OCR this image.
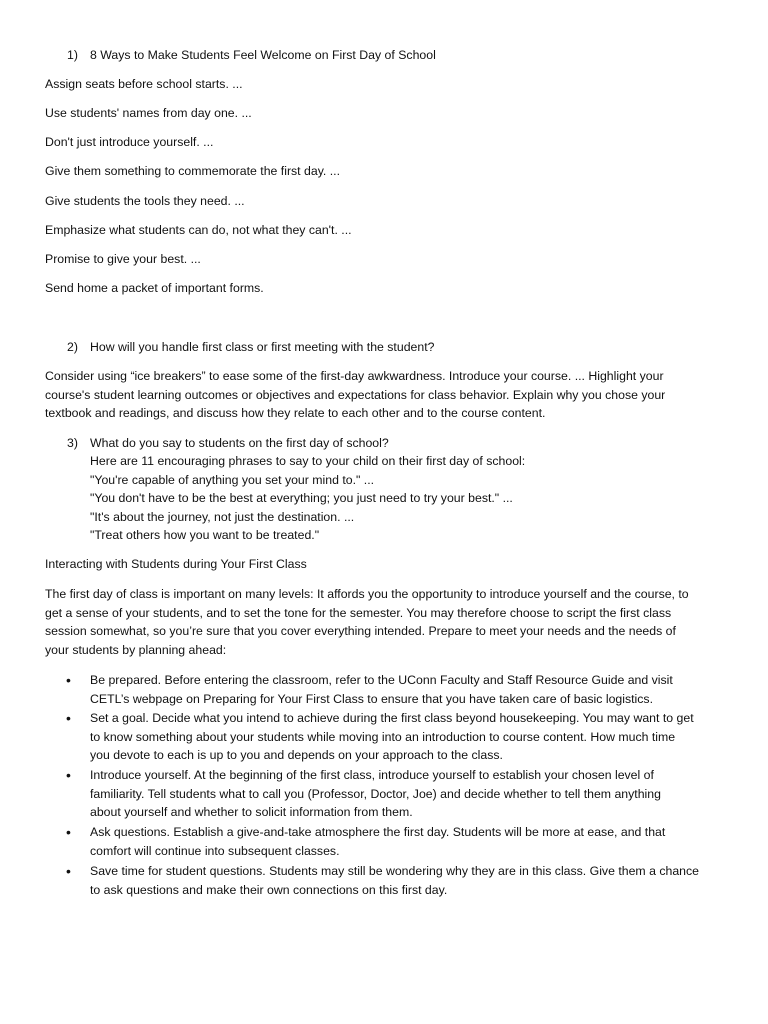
1) 8 Ways to Make Students Feel Welcome on First Day of School

Assign seats before school starts. ...

Use students' names from day one. ...

Don't just introduce yourself. ...

Give them something to commemorate the first day. ...

Give students the tools they need. ...

Emphasize what students can do, not what they can't. ...

Promise to give your best. ...

Send home a packet of important forms.

2) How will you handle first class or first meeting with the student?
Consider using “ice breakers” to ease some of the first-day awkwardness. Introduce your course. ... Highlight your
course's student learning outcomes or objectives and expectations for class behavior. Explain why you chose your
textbook and readings, and discuss how they relate to each other and to the course content.
3) What do you say to students on the first day of school?
Here are 11 encouraging phrases to say to your child on their first day of school:
"You're capable of anything you set your mind to." ...
"You don't have to be the best at everything; you just need to try your best." ...
"It's about the journey, not just the destination. ...
"Treat others how you want to be treated."

Interacting with Students during Your First Class

The first day of class is important on many levels: It affords you the opportunity to introduce yourself and the course, to
get a sense of your students, and to set the tone for the semester. You may therefore choose to script the first class
session somewhat, so you’re sure that you cover everything intended. Prepare to meet your needs and the needs of
your students by planning ahead:
• Be prepared. Before entering the classroom, refer to the UConn Faculty and Staff Resource Guide and visit
CETL’s webpage on Preparing for Your First Class to ensure that you have taken care of basic logistics.
• Set a goal. Decide what you intend to achieve during the first class beyond housekeeping. You may want to get
to know something about your students while moving into an introduction to course content. How much time
you devote to each is up to you and depends on your approach to the class.
• Introduce yourself. At the beginning of the first class, introduce yourself to establish your chosen level of
familiarity. Tell students what to call you (Professor, Doctor, Joe) and decide whether to tell them anything
about yourself and whether to solicit information from them.
• Ask questions. Establish a give-and-take atmosphere the first day. Students will be more at ease, and that
comfort will continue into subsequent classes.
• Save time for student questions. Students may still be wondering why they are in this class. Give them a chance
to ask questions and make their own connections on this first day.
